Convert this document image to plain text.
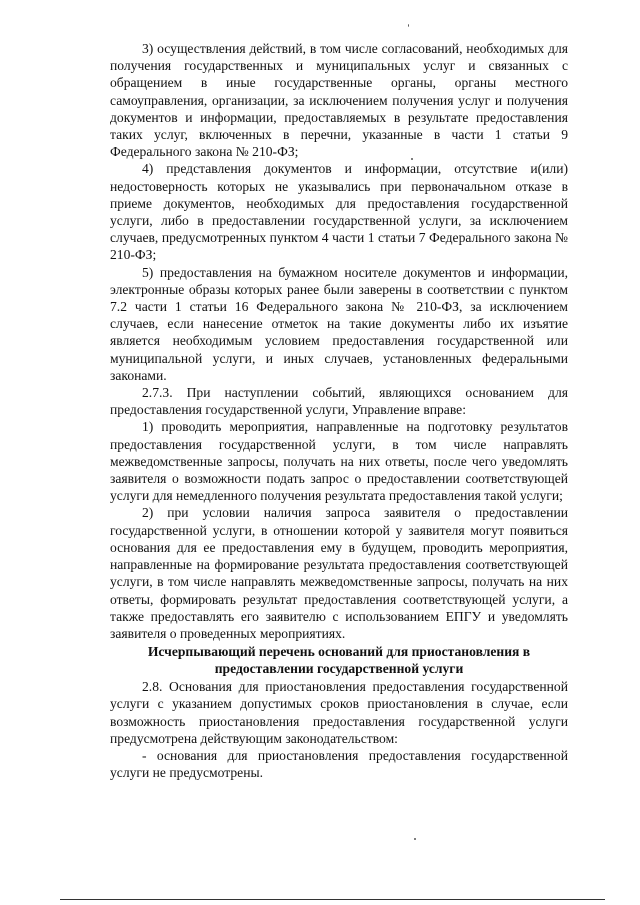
3) осуществления действий, в том числе согласований, необходимых для получения государственных и муниципальных услуг и связанных с обращением в иные государственные органы, органы местного самоуправления, организации, за исключением получения услуг и получения документов и информации, предоставляемых в результате предоставления таких услуг, включенных в перечни, указанные в части 1 статьи 9 Федерального закона № 210-ФЗ;

4) представления документов и информации, отсутствие и(или) недостоверность которых не указывались при первоначальном отказе в приеме документов, необходимых для предоставления государственной услуги, либо в предоставлении государственной услуги, за исключением случаев, предусмотренных пунктом 4 части 1 статьи 7 Федерального закона № 210-ФЗ;

5) предоставления на бумажном носителе документов и информации, электронные образы которых ранее были заверены в соответствии с пунктом 7.2 части 1 статьи 16 Федерального закона № 210-ФЗ, за исключением случаев, если нанесение отметок на такие документы либо их изъятие является необходимым условием предоставления государственной или муниципальной услуги, и иных случаев, установленных федеральными законами.

2.7.3. При наступлении событий, являющихся основанием для предоставления государственной услуги, Управление вправе:

1) проводить мероприятия, направленные на подготовку результатов предоставления государственной услуги, в том числе направлять межведомственные запросы, получать на них ответы, после чего уведомлять заявителя о возможности подать запрос о предоставлении соответствующей услуги для немедленного получения результата предоставления такой услуги;

2) при условии наличия запроса заявителя о предоставлении государственной услуги, в отношении которой у заявителя могут появиться основания для ее предоставления ему в будущем, проводить мероприятия, направленные на формирование результата предоставления соответствующей услуги, в том числе направлять межведомственные запросы, получать на них ответы, формировать результат предоставления соответствующей услуги, а также предоставлять его заявителю с использованием ЕПГУ и уведомлять заявителя о проведенных мероприятиях.

Исчерпывающий перечень оснований для приостановления в предоставлении государственной услуги

2.8. Основания для приостановления предоставления государственной услуги с указанием допустимых сроков приостановления в случае, если возможность приостановления предоставления государственной услуги предусмотрена действующим законодательством:

- основания для приостановления предоставления государственной услуги не предусмотрены.
